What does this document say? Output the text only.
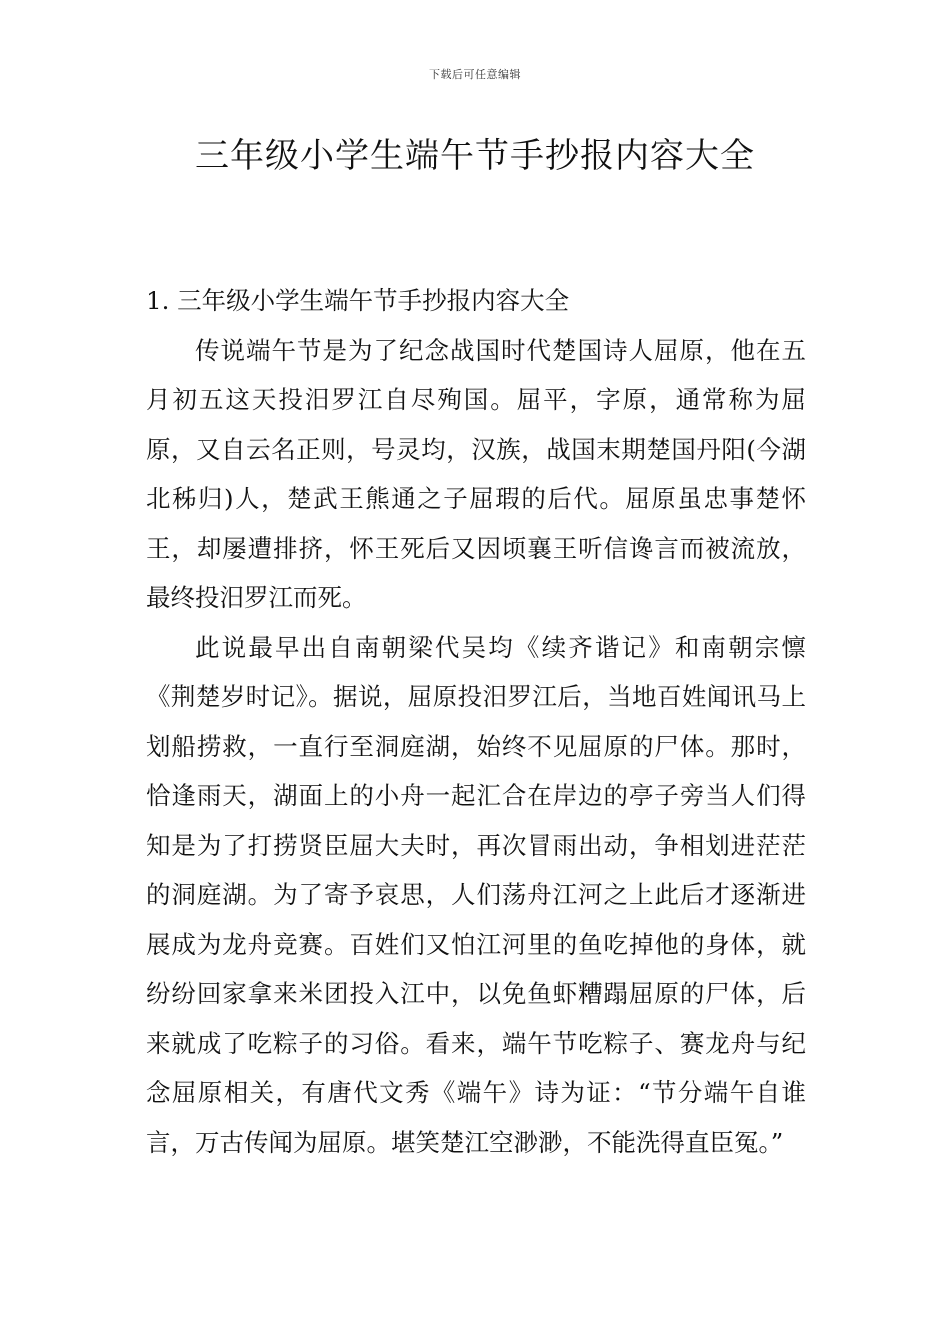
下载后可任意编辑
三年级小学生端午节手抄报内容大全

1. 三年级小学生端午节手抄报内容大全

传说端午节是为了纪念战国时代楚国诗人屈原，他在五月初五这天投汨罗江自尽殉国。屈平，字原，通常称为屈原，又自云名正则，号灵均，汉族，战国末期楚国丹阳(今湖北秭归)人，楚武王熊通之子屈瑕的后代。屈原虽忠事楚怀王，却屡遭排挤，怀王死后又因顷襄王听信谗言而被流放，最终投汨罗江而死。

此说最早出自南朝梁代吴均《续齐谐记》和南朝宗懔《荆楚岁时记》。据说，屈原投汨罗江后，当地百姓闻讯马上划船捞救，一直行至洞庭湖，始终不见屈原的尸体。那时，恰逢雨天，湖面上的小舟一起汇合在岸边的亭子旁当人们得知是为了打捞贤臣屈大夫时，再次冒雨出动，争相划进茫茫的洞庭湖。为了寄予哀思，人们荡舟江河之上此后才逐渐进展成为龙舟竞赛。百姓们又怕江河里的鱼吃掉他的身体，就纷纷回家拿来米团投入江中，以免鱼虾糟蹋屈原的尸体，后来就成了吃粽子的习俗。看来，端午节吃粽子、赛龙舟与纪念屈原相关，有唐代文秀《端午》诗为证：“节分端午自谁言，万古传闻为屈原。堪笑楚江空渺渺，不能洗得直臣冤。”
